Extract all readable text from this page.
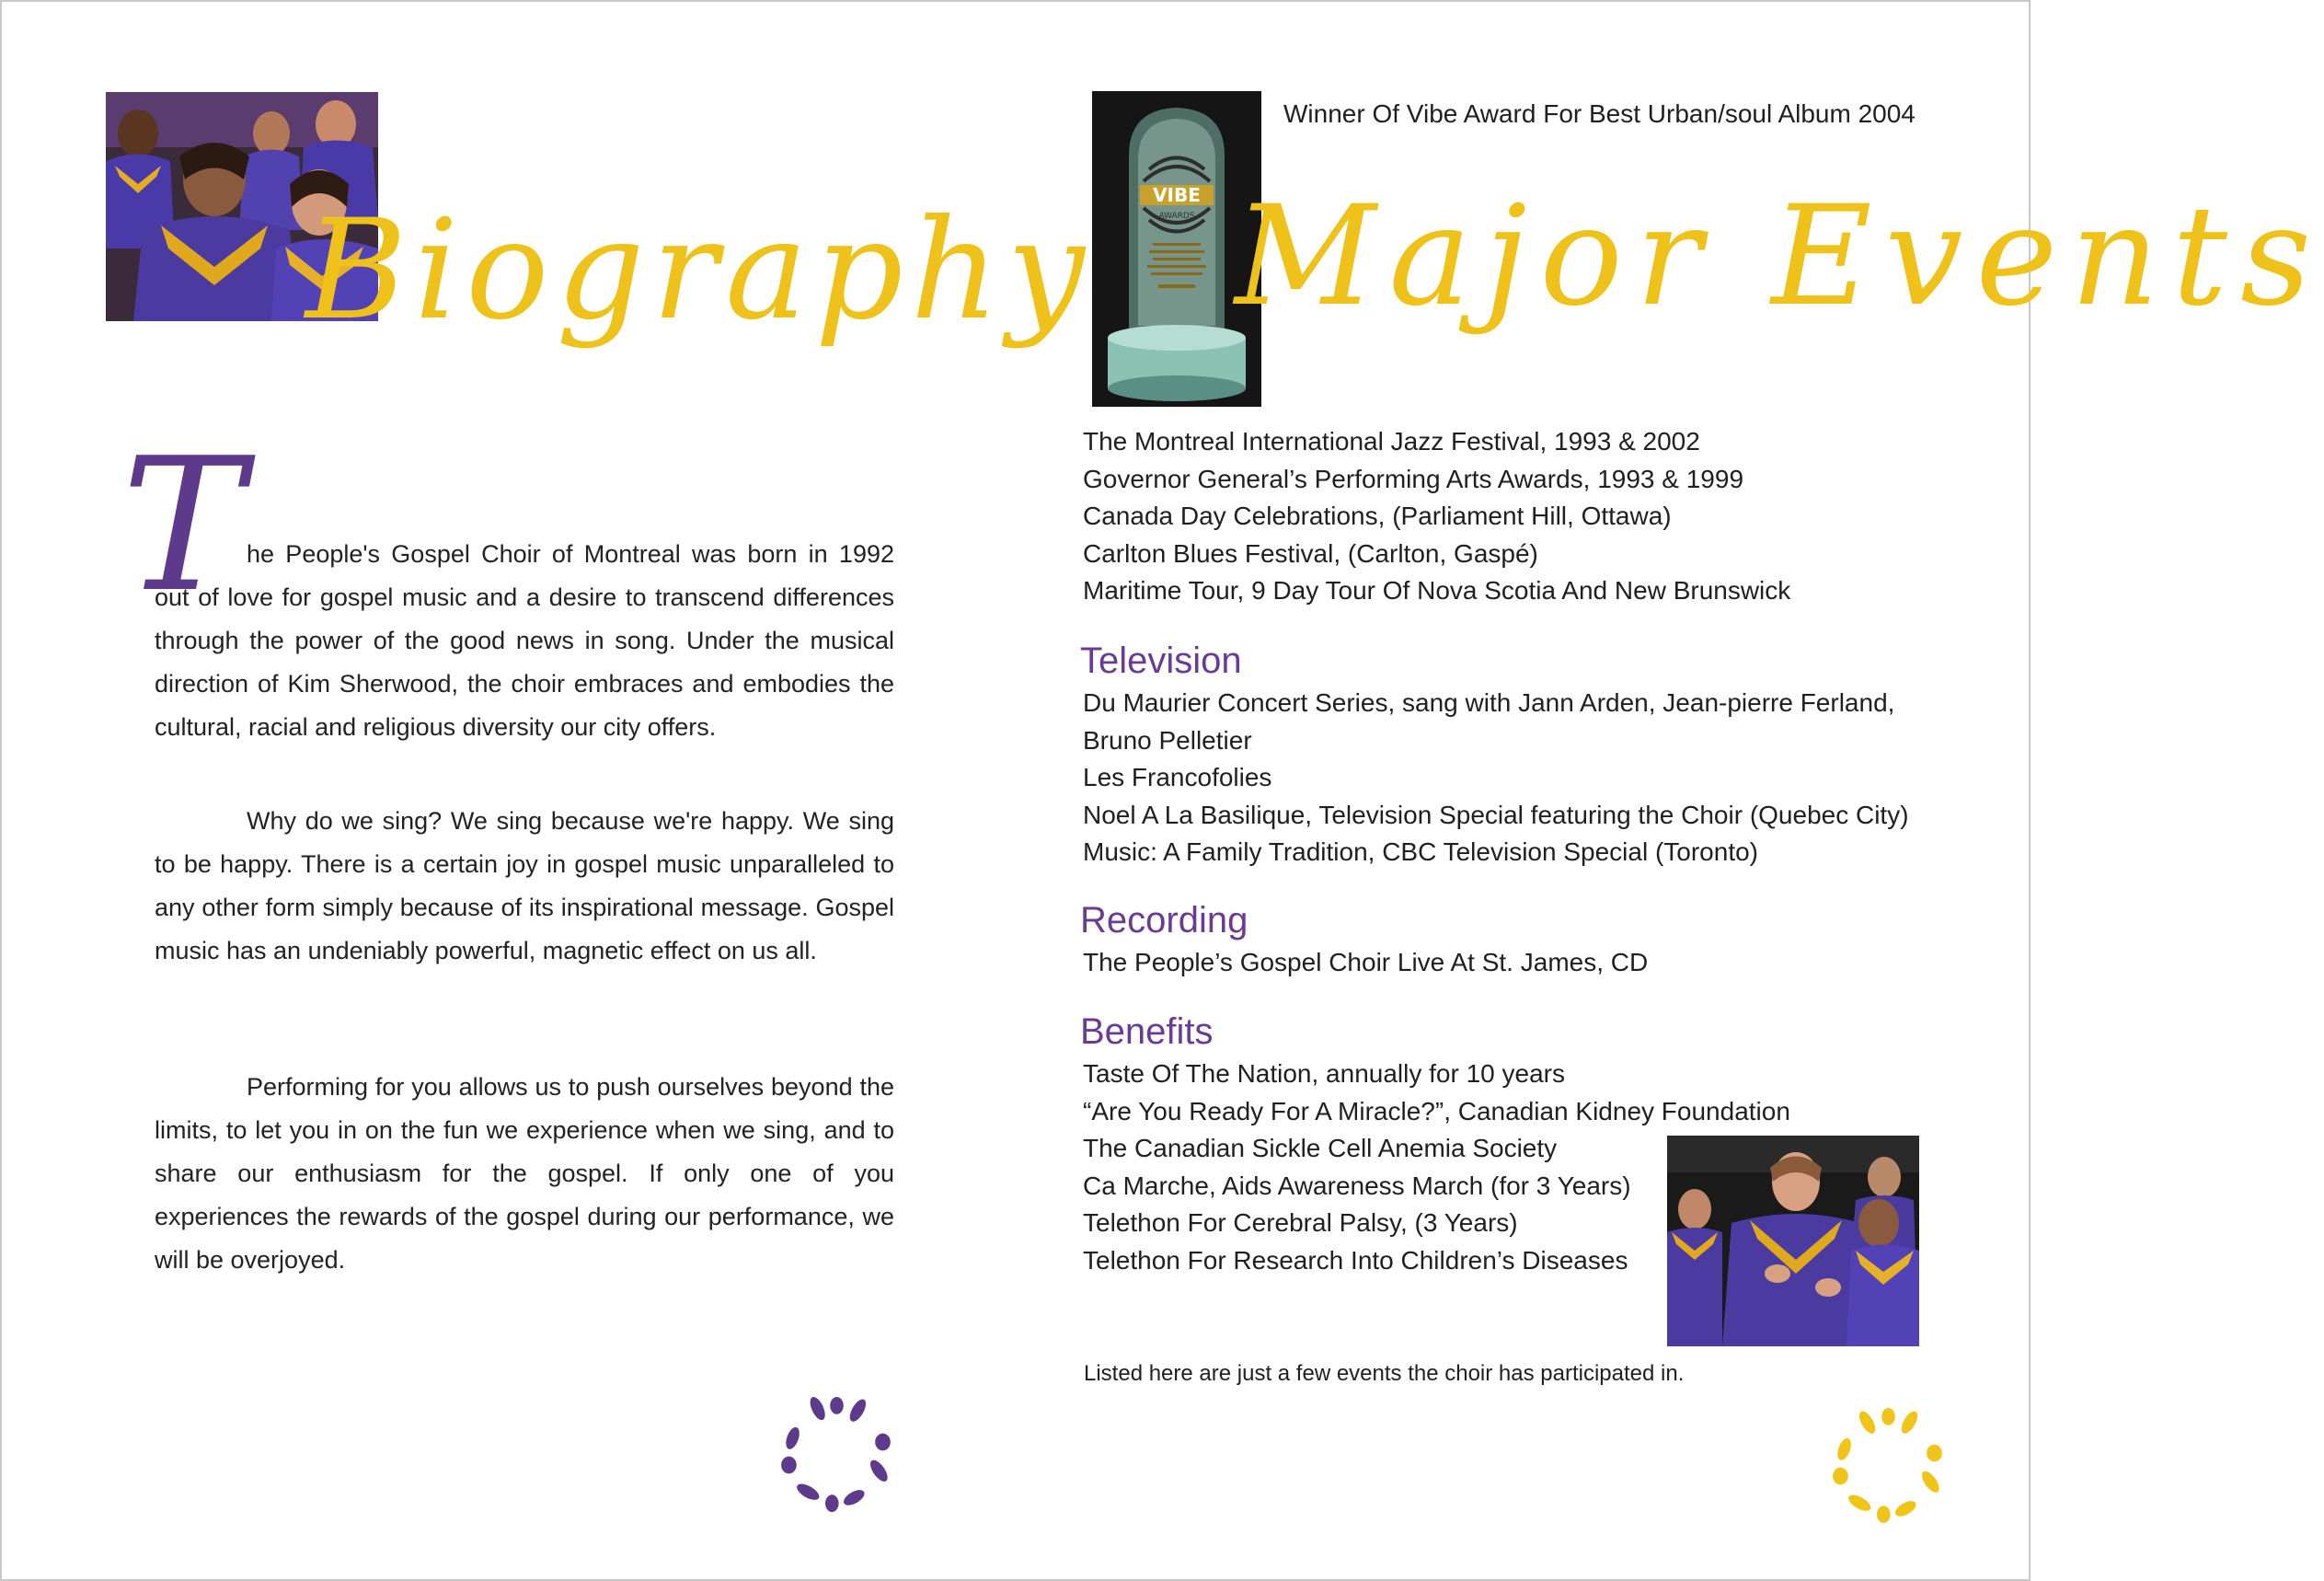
Biography
T he People's Gospel Choir of Montreal was born in 1992 out of love for gospel music and a desire to transcend differences through the power of the good news in song. Under the musical direction of Kim Sherwood, the choir embraces and embodies the cultural, racial and religious diversity our city offers.

Why do we sing? We sing because we're happy. We sing to be happy. There is a certain joy in gospel music unparalleled to any other form simply because of its inspirational message. Gospel music has an undeniably powerful, magnetic effect on us all.

Performing for you allows us to push ourselves beyond the limits, to let you in on the fun we experience when we sing, and to share our enthusiasm for the gospel. If only one of you experiences the rewards of the gospel during our performance, we will be overjoyed.

VIBE
AWARDS
Winner Of Vibe Award For Best Urban/soul Album 2004
Major Events
The Montreal International Jazz Festival, 1993 & 2002
Governor General’s Performing Arts Awards, 1993 & 1999
Canada Day Celebrations, (Parliament Hill, Ottawa)
Carlton Blues Festival, (Carlton, Gaspé)
Maritime Tour, 9 Day Tour Of Nova Scotia And New Brunswick
Television
Du Maurier Concert Series, sang with Jann Arden, Jean-pierre Ferland,
Bruno Pelletier
Les Francofolies
Noel A La Basilique, Television Special featuring the Choir (Quebec City)
Music: A Family Tradition, CBC Television Special (Toronto)
Recording
The People’s Gospel Choir Live At St. James, CD
Benefits
Taste Of The Nation, annually for 10 years
“Are You Ready For A Miracle?”, Canadian Kidney Foundation
The Canadian Sickle Cell Anemia Society
Ca Marche, Aids Awareness March (for 3 Years)
Telethon For Cerebral Palsy, (3 Years)
Telethon For Research Into Children’s Diseases
Listed here are just a few events the choir has participated in.
